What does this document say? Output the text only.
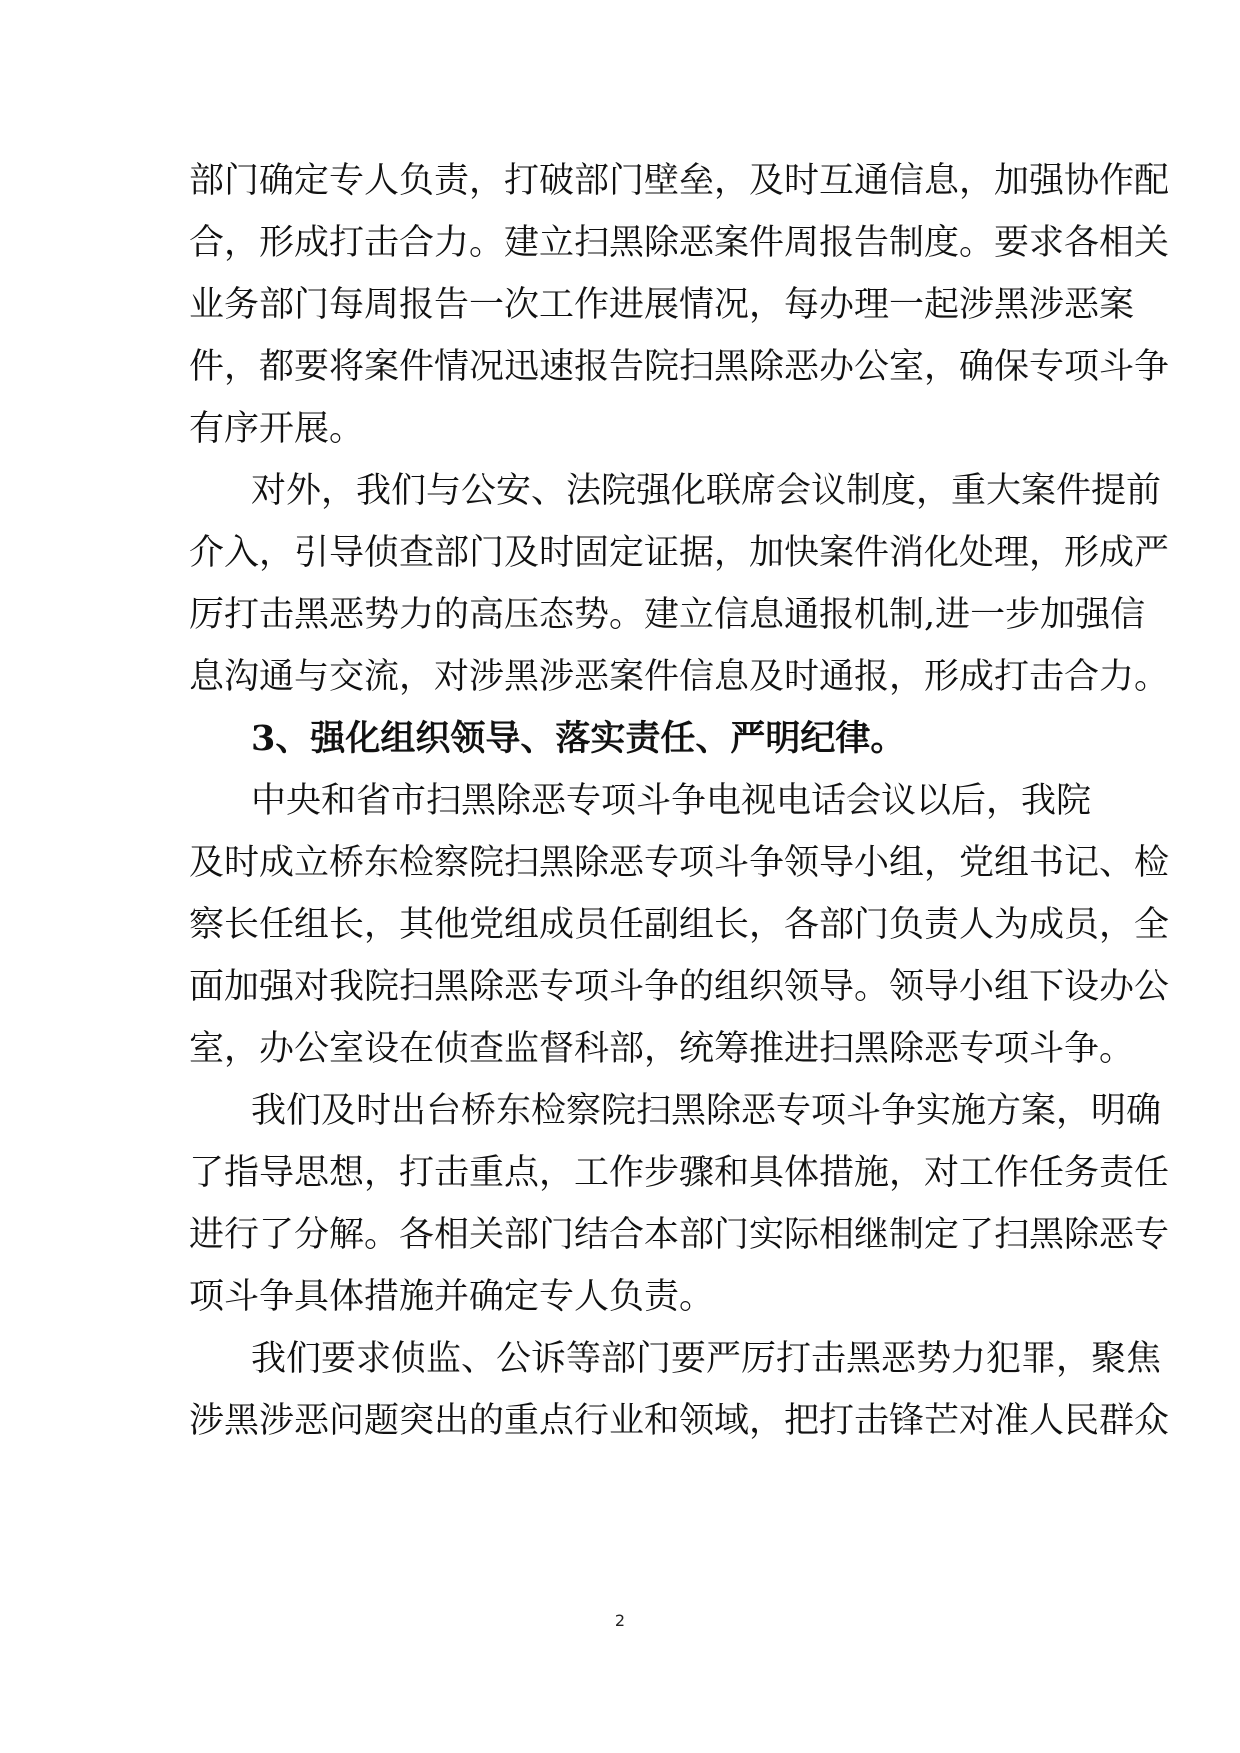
部门确定专人负责，打破部门壁垒，及时互通信息，加强协作配
合，形成打击合力。建立扫黑除恶案件周报告制度。要求各相关
业务部门每周报告一次工作进展情况，每办理一起涉黑涉恶案
件，都要将案件情况迅速报告院扫黑除恶办公室，确保专项斗争
有序开展。
对外，我们与公安、法院强化联席会议制度，重大案件提前
介入，引导侦查部门及时固定证据，加快案件消化处理，形成严
厉打击黑恶势力的高压态势。建立信息通报机制,进一步加强信
息沟通与交流，对涉黑涉恶案件信息及时通报，形成打击合力。
3、强化组织领导、落实责任、严明纪律。
中央和省市扫黑除恶专项斗争电视电话会议以后，我院
及时成立桥东检察院扫黑除恶专项斗争领导小组，党组书记、检
察长任组长，其他党组成员任副组长，各部门负责人为成员，全
面加强对我院扫黑除恶专项斗争的组织领导。领导小组下设办公
室，办公室设在侦查监督科部，统筹推进扫黑除恶专项斗争。
我们及时出台桥东检察院扫黑除恶专项斗争实施方案，明确
了指导思想，打击重点，工作步骤和具体措施，对工作任务责任
进行了分解。各相关部门结合本部门实际相继制定了扫黑除恶专
项斗争具体措施并确定专人负责。
我们要求侦监、公诉等部门要严厉打击黑恶势力犯罪，聚焦
涉黑涉恶问题突出的重点行业和领域，把打击锋芒对准人民群众
2
